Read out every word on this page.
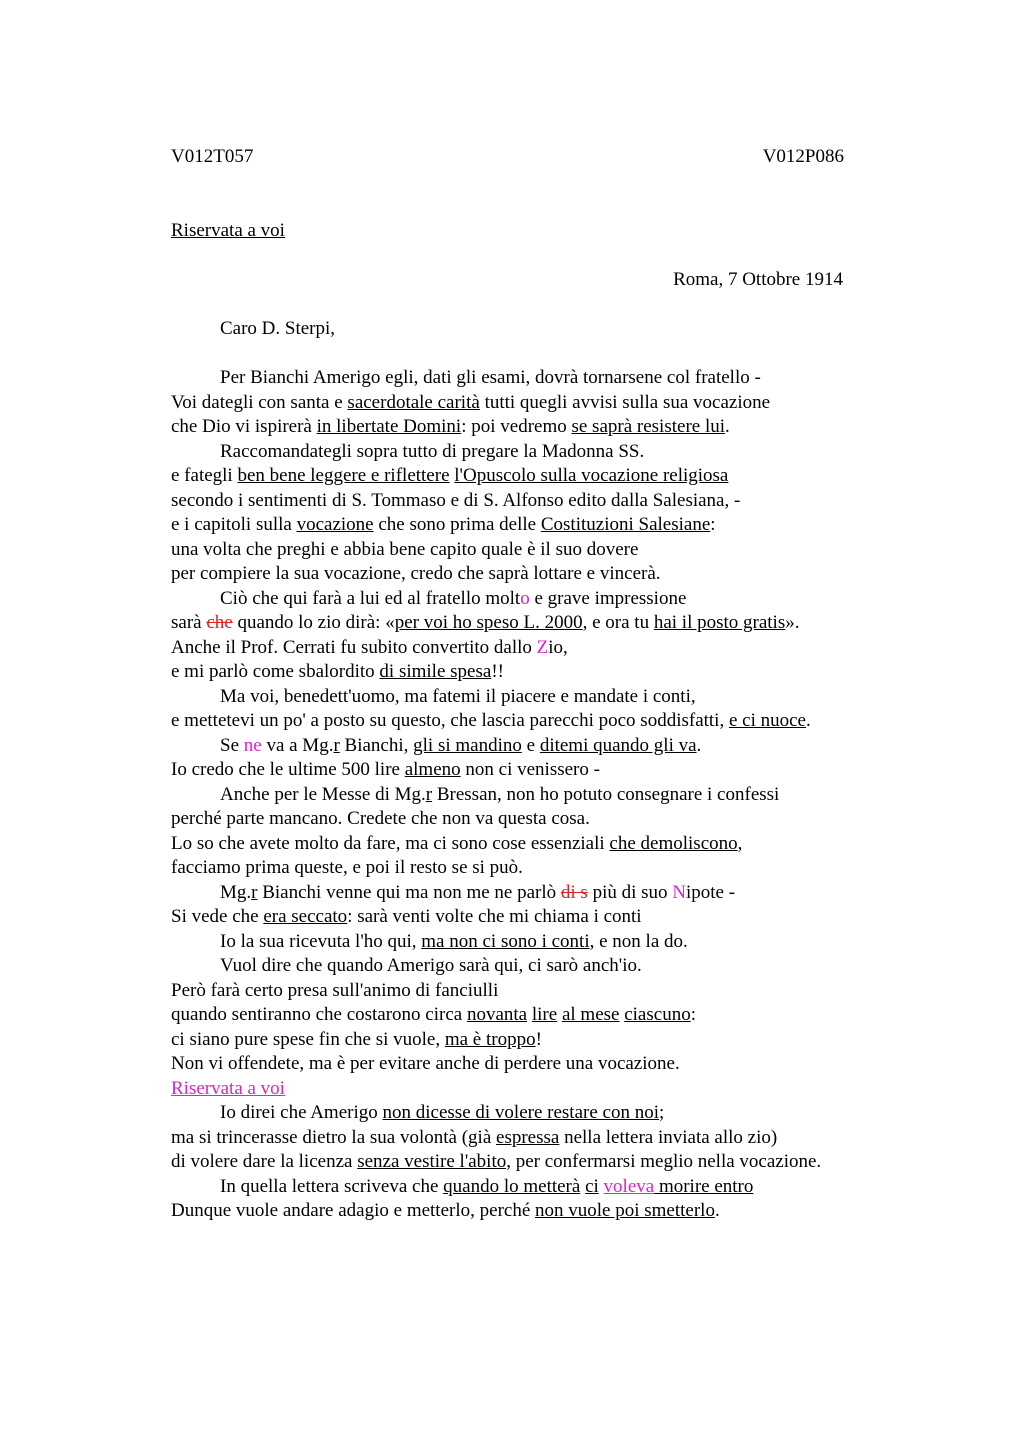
V012T057	V012P086
Riservata a voi
Roma, 7 Ottobre 1914
Caro D. Sterpi,
Per Bianchi Amerigo egli, dati gli esami, dovrà tornarsene col fratello -
Voi dategli con santa e sacerdotale carità tutti quegli avvisi sulla sua vocazione
che Dio vi ispirerà in libertate Domini: poi vedremo se saprà resistere lui.
Raccomandategli sopra tutto di pregare la Madonna SS.
e fategli ben bene leggere e riflettere l'Opuscolo sulla vocazione religiosa
secondo i sentimenti di S. Tommaso e di S. Alfonso edito dalla Salesiana, -
e i capitoli sulla vocazione che sono prima delle Costituzioni Salesiane:
una volta che preghi e abbia bene capito quale è il suo dovere
per compiere la sua vocazione, credo che saprà lottare e vincerà.
Ciò che qui farà a lui ed al fratello molto e grave impressione
sarà che quando lo zio dirà: «per voi ho speso L. 2000, e ora tu hai il posto gratis».
Anche il Prof. Cerrati fu subito convertito dallo Zio,
e mi parlò come sbalordito di simile spesa!!
Ma voi, benedett'uomo, ma fatemi il piacere e mandate i conti,
e mettetevi un po' a posto su questo, che lascia parecchi poco soddisfatti, e ci nuoce.
Se ne va a Mg.r Bianchi, gli si mandino e ditemi quando gli va.
Io credo che le ultime 500 lire almeno non ci venissero -
Anche per le Messe di Mg.r Bressan, non ho potuto consegnare i confessi
perché parte mancano. Credete che non va questa cosa.
Lo so che avete molto da fare, ma ci sono cose essenziali che demoliscono,
facciamo prima queste, e poi il resto se si può.
Mg.r Bianchi venne qui ma non me ne parlò di s più di suo Nipote -
Si vede che era seccato: sarà venti volte che mi chiama i conti
Io la sua ricevuta l'ho qui, ma non ci sono i conti, e non la do.
Vuol dire che quando Amerigo sarà qui, ci sarò anch'io.
Però farà certo presa sull'animo di fanciulli
quando sentiranno che costarono circa novanta lire al mese ciascuno:
ci siano pure spese fin che si vuole, ma è troppo!
Non vi offendete, ma è per evitare anche di perdere una vocazione.
Riservata a voi
Io direi che Amerigo non dicesse di volere restare con noi;
ma si trincerasse dietro la sua volontà (già espressa nella lettera inviata allo zio)
di volere dare la licenza senza vestire l'abito, per confermarsi meglio nella vocazione.
In quella lettera scriveva che quando lo metterà ci voleva morire entro
Dunque vuole andare adagio e metterlo, perché non vuole poi smetterlo.
